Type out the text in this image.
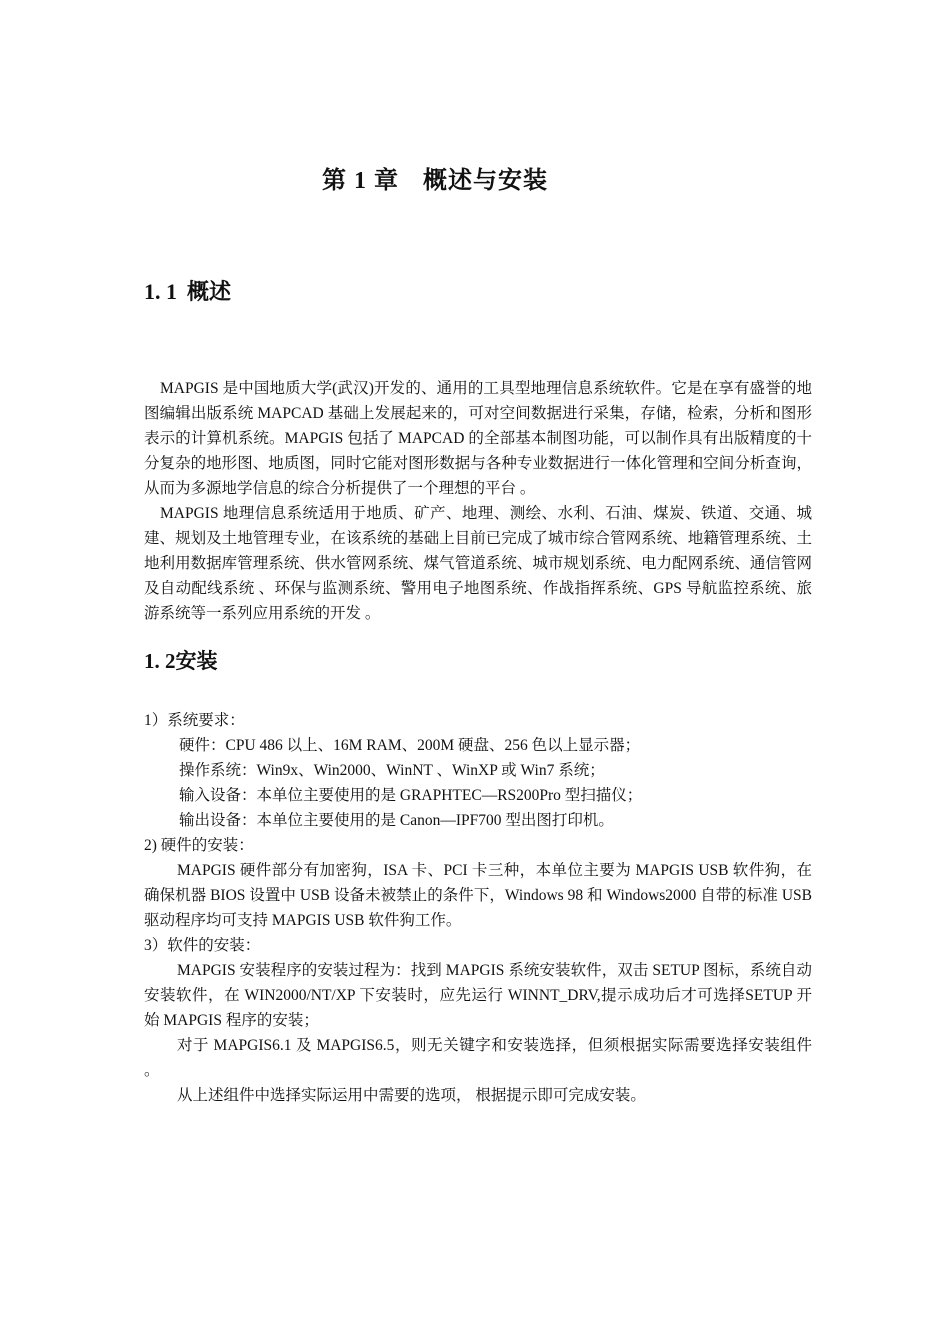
第 1 章 概述与安装
1. 1 概述

MAPGIS 是中国地质大学(武汉)开发的、通用的工具型地理信息系统软件。它是在享有盛誉的地图编辑出版系统 MAPCAD 基础上发展起来的，可对空间数据进行采集，存储，检索，分析和图形表示的计算机系统。MAPGIS 包括了 MAPCAD 的全部基本制图功能，可以制作具有出版精度的十分复杂的地形图、地质图，同时它能对图形数据与各种专业数据进行一体化管理和空间分析查询，从而为多源地学信息的综合分析提供了一个理想的平台 。

MAPGIS 地理信息系统适用于地质、矿产、地理、测绘、水利、石油、煤炭、铁道、交通、城建、规划及土地管理专业，在该系统的基础上目前已完成了城市综合管网系统、地籍管理系统、土地利用数据库管理系统、供水管网系统、煤气管道系统、城市规划系统、电力配网系统、通信管网及自动配线系统 、环保与监测系统、警用电子地图系统、作战指挥系统、GPS 导航监控系统、旅游系统等一系列应用系统的开发 。

1. 2安装

1）系统要求：

硬件：CPU 486 以上、16M RAM、200M 硬盘、256 色以上显示器；

操作系统：Win9x、Win2000、WinNT 、WinXP 或 Win7 系统；

输入设备：本单位主要使用的是 GRAPHTEC—RS200Pro 型扫描仪；

输出设备：本单位主要使用的是 Canon—IPF700 型出图打印机。

2) 硬件的安装：

MAPGIS 硬件部分有加密狗，ISA 卡、PCI 卡三种，本单位主要为 MAPGIS USB 软件狗，在确保机器 BIOS 设置中 USB 设备未被禁止的条件下，Windows 98 和 Windows2000 自带的标准 USB 驱动程序均可支持 MAPGIS USB 软件狗工作。

3）软件的安装：

MAPGIS 安装程序的安装过程为：找到 MAPGIS 系统安装软件，双击 SETUP 图标，系统自动安装软件，在 WIN2000/NT/XP 下安装时，应先运行 WINNT_DRV,提示成功后才可选择SETUP 开始 MAPGIS 程序的安装；

对于 MAPGIS6.1 及 MAPGIS6.5，则无关键字和安装选择，但须根据实际需要选择安装组件 。

从上述组件中选择实际运用中需要的选项， 根据提示即可完成安装。
